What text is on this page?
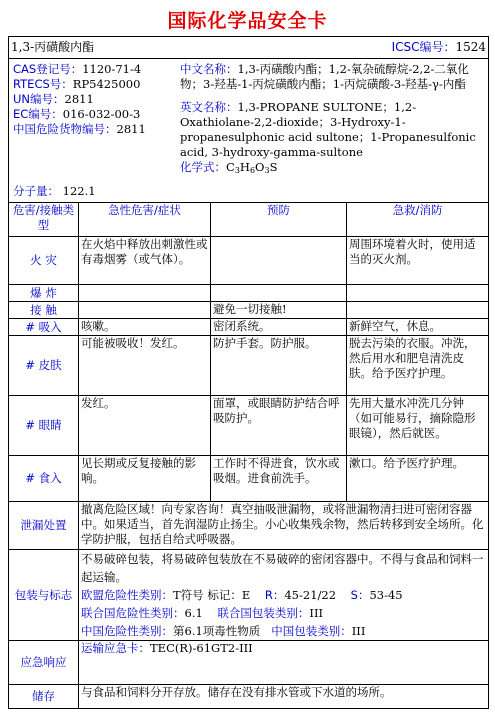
国际化学品安全卡
1,3-丙磺酸内酯	ICSC编号：1524

CAS登记号：1120-71-4
RTECS号：RP5425000
UN编号：2811
EC编号：016-032-00-3
中国危险货物编号：2811
分子量： 122.1

中文名称：1,3-丙磺酸内酯；1,2-氧杂硫醇烷-2,2-二氧化物；3-羟基-1-丙烷磺酸内酯；1-丙烷磺酸-3-羟基-γ-内酯
英文名称：1,3-PROPANE SULTONE；1,2-Oxathiolane-2,2-dioxide；3-Hydroxy-1-propanesulphonic acid sultone；1-Propanesulfonic acid, 3-hydroxy-gamma-sultone
化学式：$C_3H_6O_3S$

危害/接触类型	急性危害/症状	预防	急救/消防
火 灾	在火焰中释放出刺激性或有毒烟雾（或气体）。		周围环境着火时，使用适当的灭火剂。
爆 炸			
接 触		避免一切接触!	
# 吸入	咳嗽。	密闭系统。	新鲜空气，休息。
# 皮肤	可能被吸收！发红。	防护手套。防护服。	脱去污染的衣服。冲洗，然后用水和肥皂清洗皮肤。给予医疗护理。
# 眼睛	发红。	面罩，或眼睛防护结合呼吸防护。	先用大量水冲洗几分钟（如可能易行，摘除隐形眼镜），然后就医。
# 食入	见长期或反复接触的影响。	工作时不得进食，饮水或吸烟。进食前洗手。	漱口。给予医疗护理。
泄漏处置	撤离危险区域！向专家咨询！真空抽吸泄漏物，或将泄漏物清扫进可密闭容器中。如果适当，首先润湿防止扬尘。小心收集残余物，然后转移到安全场所。化学防护服，包括自给式呼吸器。
包装与标志	
不易破碎包装，将易破碎包装放在不易破碎的密闭容器中。不得与食品和饲料一起运输。
欧盟危险性类别：T符号 标记：E R：45-21/22 S：53-45
联合国危险性类别：6.1 联合国包装类别：III
中国危险性类别：第6.1项毒性物质 中国包装类别：III

应急响应	运输应急卡：TEC(R)-61GT2-III
储存	与食品和饲料分开存放。储存在没有排水管或下水道的场所。
